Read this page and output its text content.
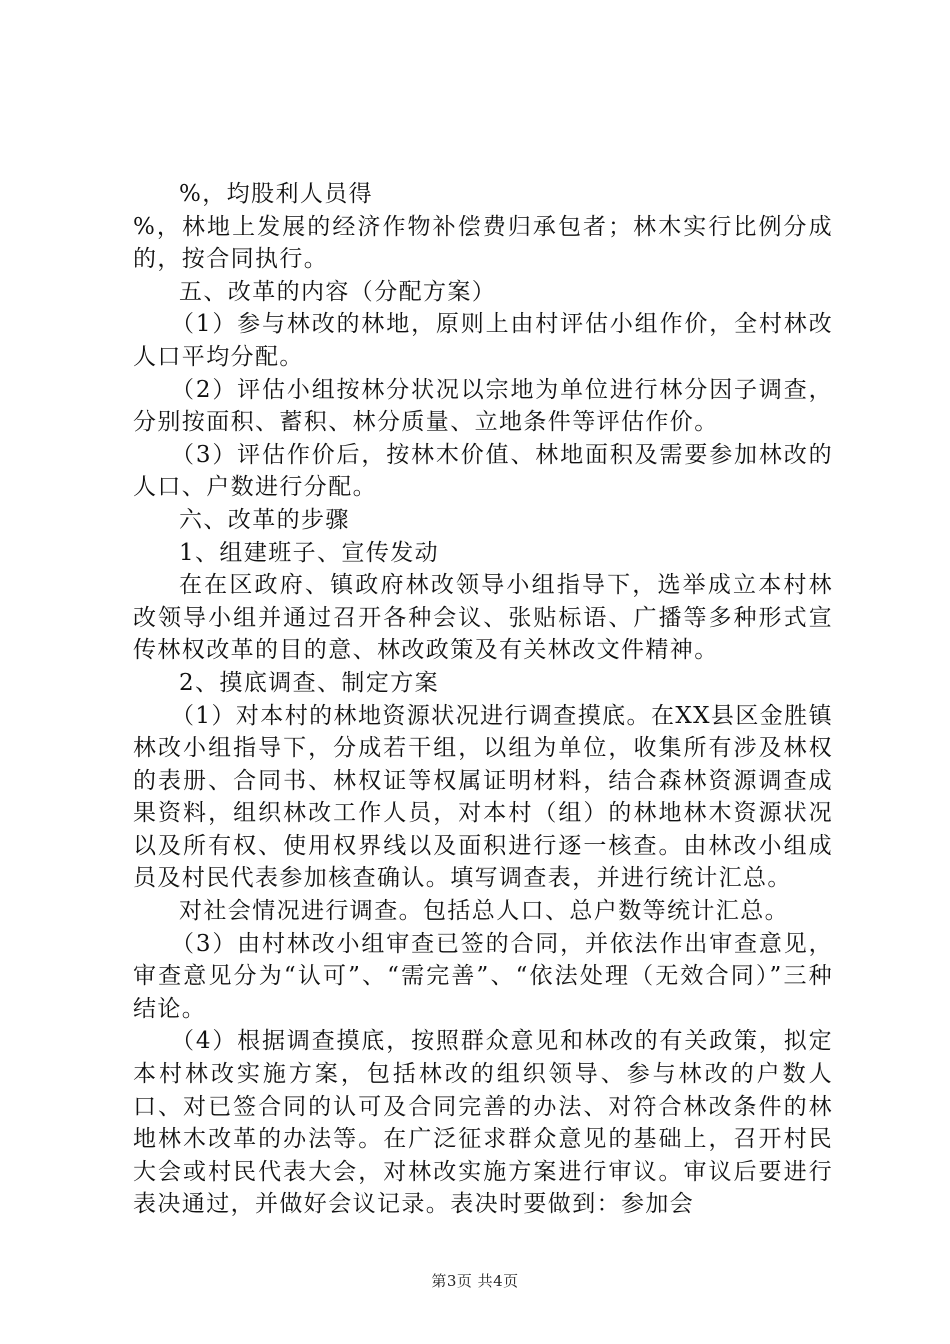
%，均股利人员得

%，林地上发展的经济作物补偿费归承包者；林木实行比例分成的，按合同执行。

五、改革的内容（分配方案）

（1）参与林改的林地，原则上由村评估小组作价，全村林改人口平均分配。

（2）评估小组按林分状况以宗地为单位进行林分因子调查，分别按面积、蓄积、林分质量、立地条件等评估作价。

（3）评估作价后，按林木价值、林地面积及需要参加林改的人口、户数进行分配。

六、改革的步骤

1、组建班子、宣传发动

在在区政府、镇政府林改领导小组指导下，选举成立本村林改领导小组并通过召开各种会议、张贴标语、广播等多种形式宣传林权改革的目的意、林改政策及有关林改文件精神。

2、摸底调查、制定方案

（1）对本村的林地资源状况进行调查摸底。在XX县区金胜镇林改小组指导下，分成若干组，以组为单位，收集所有涉及林权的表册、合同书、林权证等权属证明材料，结合森林资源调查成果资料，组织林改工作人员，对本村（组）的林地林木资源状况以及所有权、使用权界线以及面积进行逐一核查。由林改小组成员及村民代表参加核查确认。填写调查表，并进行统计汇总。

对社会情况进行调查。包括总人口、总户数等统计汇总。

（3）由村林改小组审查已签的合同，并依法作出审查意见，审查意见分为“认可”、“需完善”、“依法处理（无效合同）”三种结论。

（4）根据调查摸底，按照群众意见和林改的有关政策，拟定本村林改实施方案，包括林改的组织领导、参与林改的户数人口、对已签合同的认可及合同完善的办法、对符合林改条件的林地林木改革的办法等。在广泛征求群众意见的基础上，召开村民大会或村民代表大会，对林改实施方案进行审议。审议后要进行表决通过，并做好会议记录。表决时要做到：参加会

第3页 共4页
